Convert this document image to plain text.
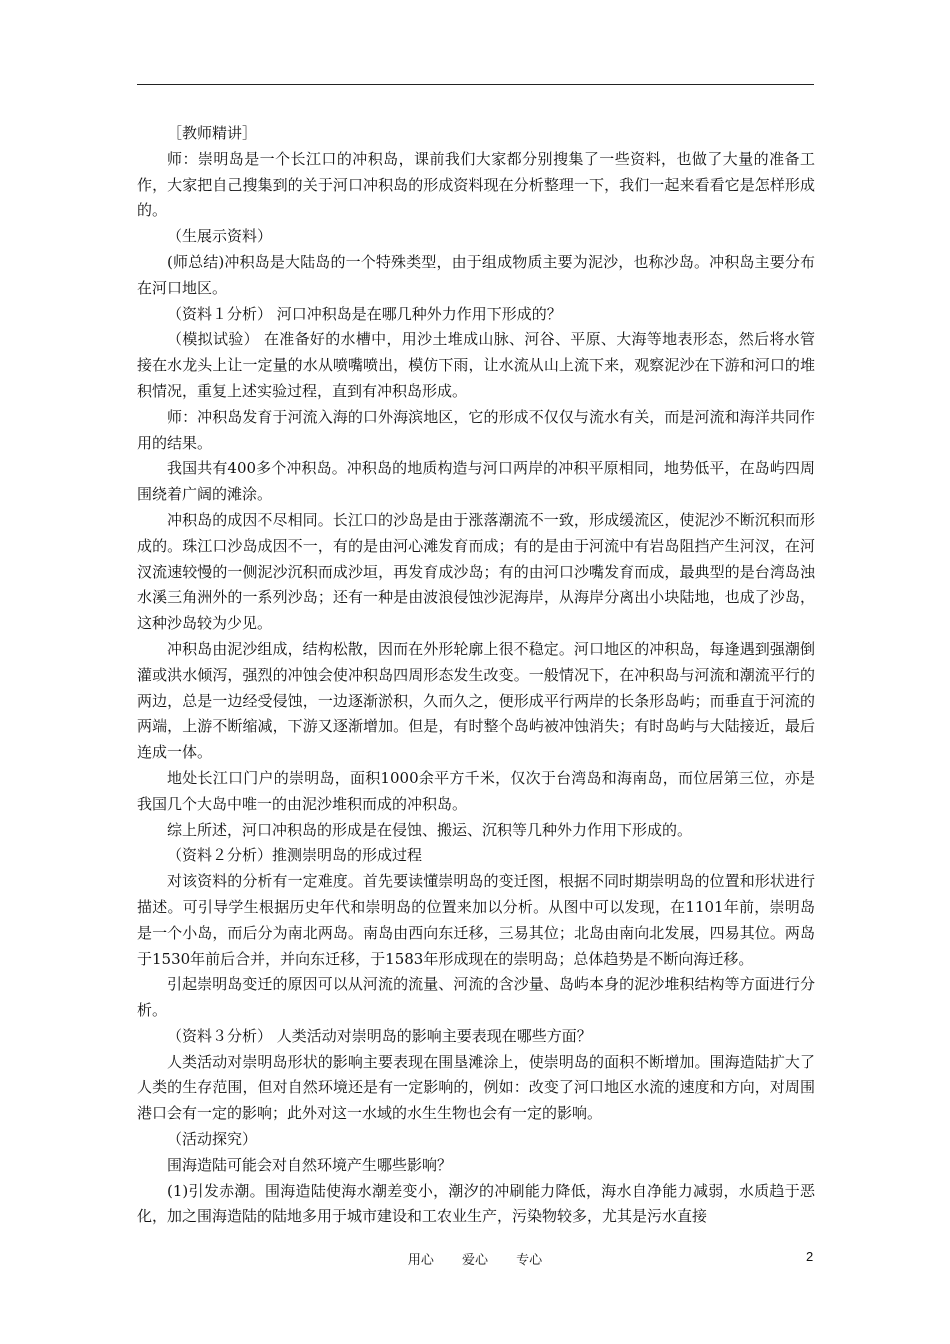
［教师精讲］

师：崇明岛是一个长江口的冲积岛，课前我们大家都分别搜集了一些资料，也做了大量的准备工作，大家把自己搜集到的关于河口冲积岛的形成资料现在分析整理一下，我们一起来看看它是怎样形成的。

（生展示资料）

(师总结)冲积岛是大陆岛的一个特殊类型，由于组成物质主要为泥沙，也称沙岛。冲积岛主要分布在河口地区。

（资料１分析） 河口冲积岛是在哪几种外力作用下形成的？

（模拟试验） 在准备好的水槽中，用沙土堆成山脉、河谷、平原、大海等地表形态，然后将水管接在水龙头上让一定量的水从喷嘴喷出，模仿下雨，让水流从山上流下来，观察泥沙在下游和河口的堆积情况，重复上述实验过程，直到有冲积岛形成。

师：冲积岛发育于河流入海的口外海滨地区，它的形成不仅仅与流水有关，而是河流和海洋共同作用的结果。

我国共有400多个冲积岛。冲积岛的地质构造与河口两岸的冲积平原相同，地势低平，在岛屿四周围绕着广阔的滩涂。

冲积岛的成因不尽相同。长江口的沙岛是由于涨落潮流不一致，形成缓流区，使泥沙不断沉积而形成的。珠江口沙岛成因不一，有的是由河心滩发育而成；有的是由于河流中有岩岛阻挡产生河汊，在河汊流速较慢的一侧泥沙沉积而成沙垣，再发育成沙岛；有的由河口沙嘴发育而成，最典型的是台湾岛浊水溪三角洲外的一系列沙岛；还有一种是由波浪侵蚀沙泥海岸，从海岸分离出小块陆地，也成了沙岛，这种沙岛较为少见。

冲积岛由泥沙组成，结构松散，因而在外形轮廓上很不稳定。河口地区的冲积岛，每逢遇到强潮倒灌或洪水倾泻，强烈的冲蚀会使冲积岛四周形态发生改变。一般情况下，在冲积岛与河流和潮流平行的两边，总是一边经受侵蚀，一边逐渐淤积，久而久之，便形成平行两岸的长条形岛屿；而垂直于河流的两端，上游不断缩减，下游又逐渐增加。但是，有时整个岛屿被冲蚀消失；有时岛屿与大陆接近，最后连成一体。

地处长江口门户的崇明岛，面积1000余平方千米，仅次于台湾岛和海南岛，而位居第三位，亦是我国几个大岛中唯一的由泥沙堆积而成的冲积岛。

综上所述，河口冲积岛的形成是在侵蚀、搬运、沉积等几种外力作用下形成的。

（资料２分析）推测崇明岛的形成过程

对该资料的分析有一定难度。首先要读懂崇明岛的变迁图，根据不同时期崇明岛的位置和形状进行描述。可引导学生根据历史年代和崇明岛的位置来加以分析。从图中可以发现，在1101年前，崇明岛是一个小岛，而后分为南北两岛。南岛由西向东迁移，三易其位；北岛由南向北发展，四易其位。两岛于1530年前后合并，并向东迁移，于1583年形成现在的崇明岛；总体趋势是不断向海迁移。

引起崇明岛变迁的原因可以从河流的流量、河流的含沙量、岛屿本身的泥沙堆积结构等方面进行分析。

（资料３分析） 人类活动对崇明岛的影响主要表现在哪些方面？

人类活动对崇明岛形状的影响主要表现在围垦滩涂上，使崇明岛的面积不断增加。围海造陆扩大了人类的生存范围，但对自然环境还是有一定影响的，例如：改变了河口地区水流的速度和方向，对周围港口会有一定的影响；此外对这一水域的水生生物也会有一定的影响。

（活动探究）

围海造陆可能会对自然环境产生哪些影响？

(1)引发赤潮。围海造陆使海水潮差变小，潮汐的冲刷能力降低，海水自净能力减弱，水质趋于恶化，加之围海造陆的陆地多用于城市建设和工农业生产，污染物较多，尤其是污水直接

用心 爱心 专心	2
